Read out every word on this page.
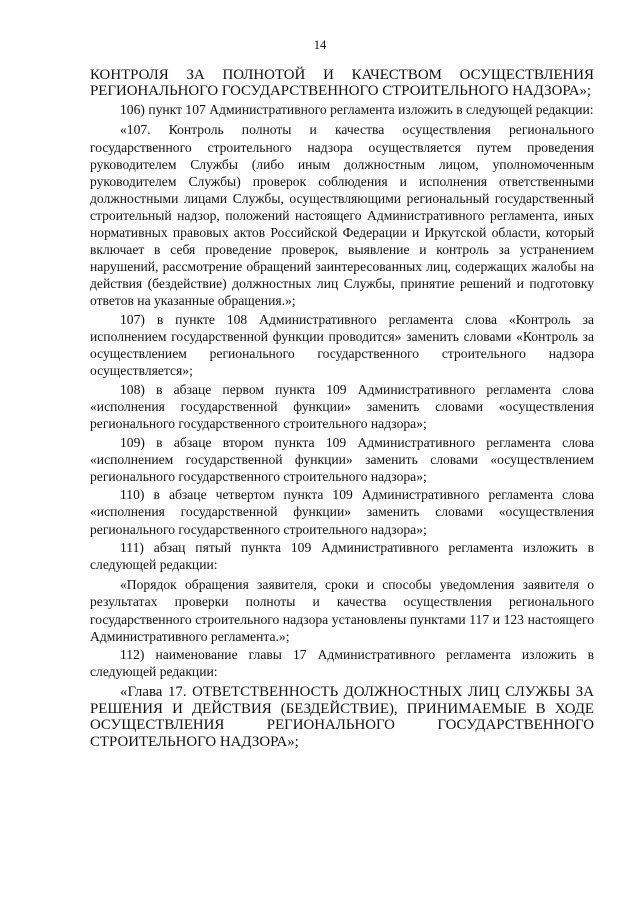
14

КОНТРОЛЯ ЗА ПОЛНОТОЙ И КАЧЕСТВОМ ОСУЩЕСТВЛЕНИЯ РЕГИОНАЛЬНОГО ГОСУДАРСТВЕННОГО СТРОИТЕЛЬНОГО НАДЗОРА»;

106) пункт 107 Административного регламента изложить в следующей редакции:

«107. Контроль полноты и качества осуществления регионального государственного строительного надзора осуществляется путем проведения руководителем Службы (либо иным должностным лицом, уполномоченным руководителем Службы) проверок соблюдения и исполнения ответственными должностными лицами Службы, осуществляющими региональный государственный строительный надзор, положений настоящего Административного регламента, иных нормативных правовых актов Российской Федерации и Иркутской области, который включает в себя проведение проверок, выявление и контроль за устранением нарушений, рассмотрение обращений заинтересованных лиц, содержащих жалобы на действия (бездействие) должностных лиц Службы, принятие решений и подготовку ответов на указанные обращения.»;

107) в пункте 108 Административного регламента слова «Контроль за исполнением государственной функции проводится» заменить словами «Контроль за осуществлением регионального государственного строительного надзора осуществляется»;

108) в абзаце первом пункта 109 Административного регламента слова «исполнения государственной функции» заменить словами «осуществления регионального государственного строительного надзора»;

109) в абзаце втором пункта 109 Административного регламента слова «исполнением государственной функции» заменить словами «осуществлением регионального государственного строительного надзора»;

110) в абзаце четвертом пункта 109 Административного регламента слова «исполнения государственной функции» заменить словами «осуществления регионального государственного строительного надзора»;

111) абзац пятый пункта 109 Административного регламента изложить в следующей редакции:

«Порядок обращения заявителя, сроки и способы уведомления заявителя о результатах проверки полноты и качества осуществления регионального государственного строительного надзора установлены пунктами 117 и 123 настоящего Административного регламента.»;

112) наименование главы 17 Административного регламента изложить в следующей редакции:

«Глава 17. ОТВЕТСТВЕННОСТЬ ДОЛЖНОСТНЫХ ЛИЦ СЛУЖБЫ ЗА РЕШЕНИЯ И ДЕЙСТВИЯ (БЕЗДЕЙСТВИЕ), ПРИНИМАЕМЫЕ В ХОДЕ ОСУЩЕСТВЛЕНИЯ РЕГИОНАЛЬНОГО ГОСУДАРСТВЕННОГО СТРОИТЕЛЬНОГО НАДЗОРА»;
